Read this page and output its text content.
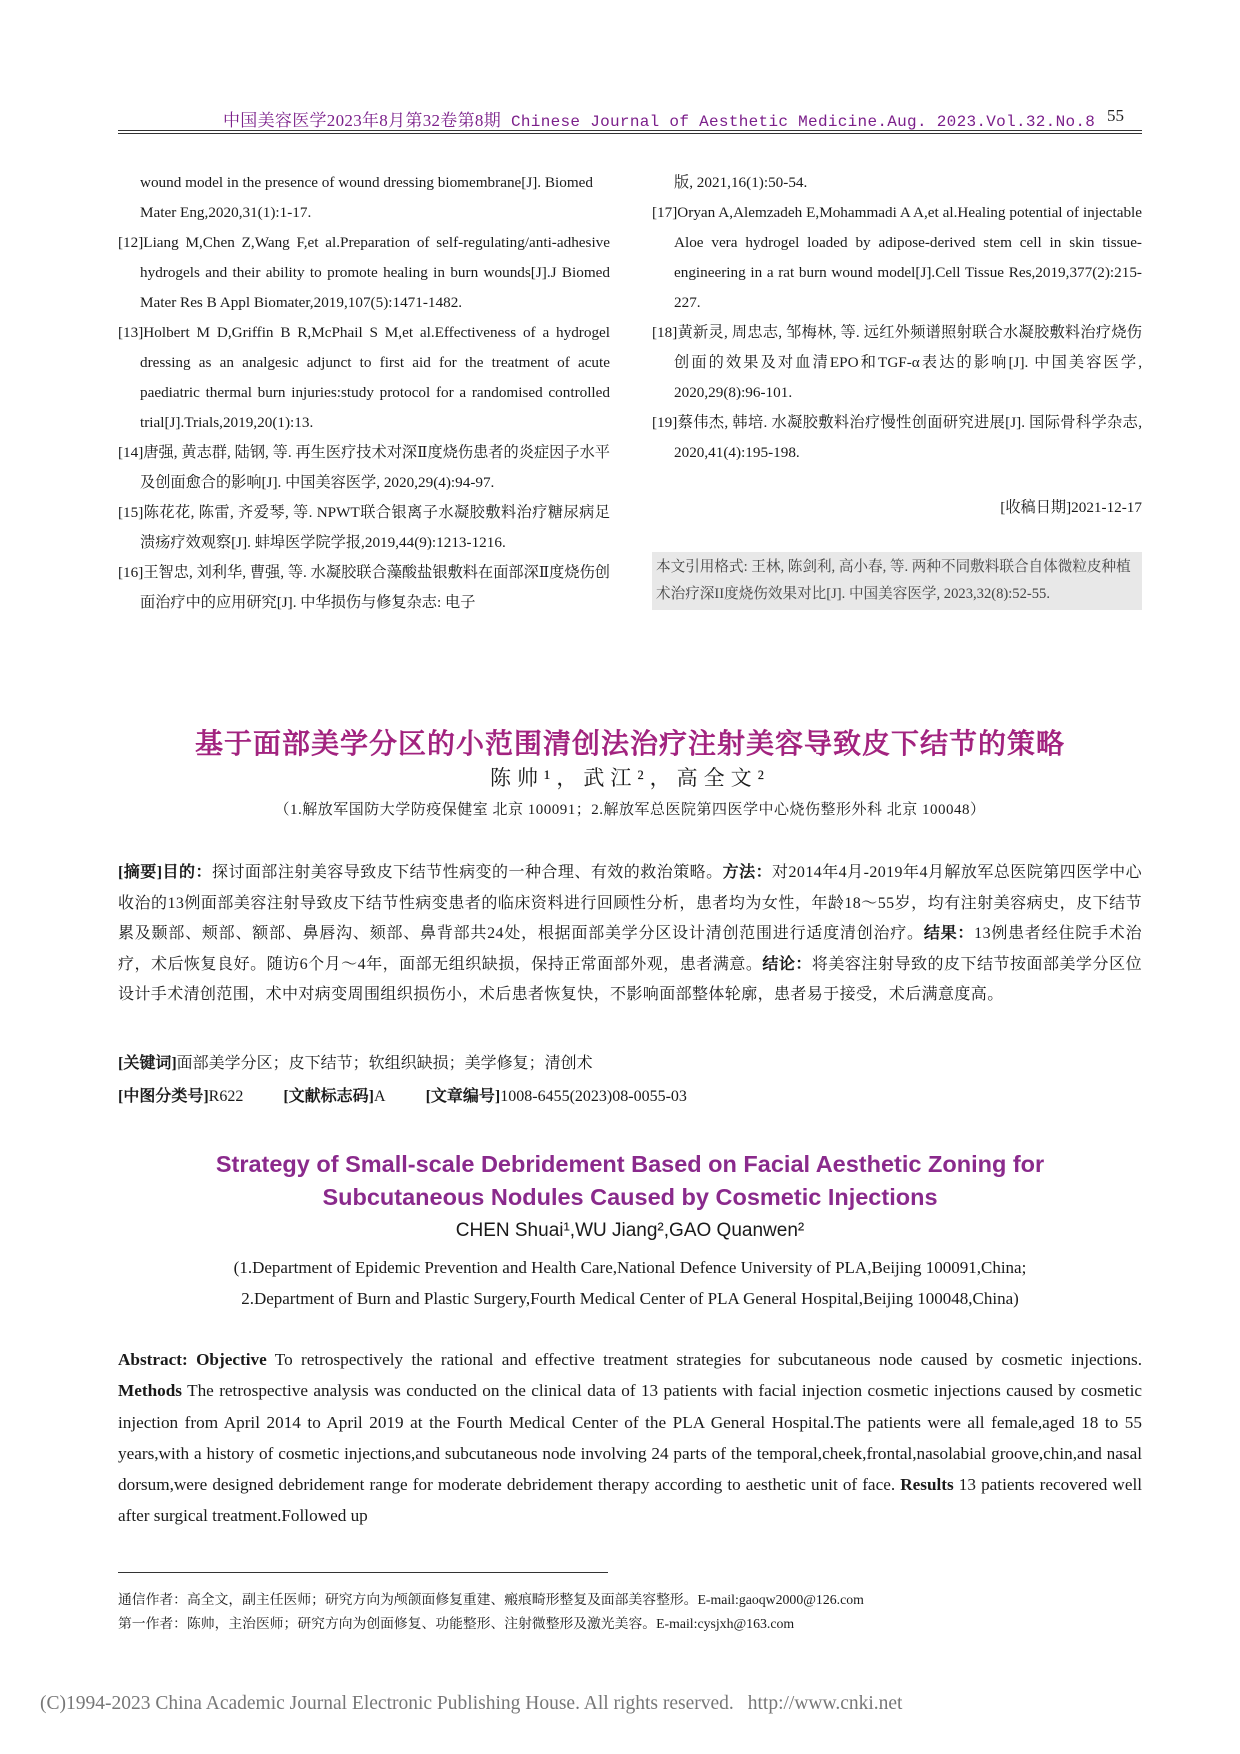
中国美容医学2023年8月第32卷第8期 Chinese Journal of Aesthetic Medicine.Aug. 2023.Vol.32.No.8 55
wound model in the presence of wound dressing biomembrane[J]. Biomed Mater Eng,2020,31(1):1-17.
[12]Liang M,Chen Z,Wang F,et al.Preparation of self-regulating/anti-adhesive hydrogels and their ability to promote healing in burn wounds[J].J Biomed Mater Res B Appl Biomater,2019,107(5):1471-1482.
[13]Holbert M D,Griffin B R,McPhail S M,et al.Effectiveness of a hydrogel dressing as an analgesic adjunct to first aid for the treatment of acute paediatric thermal burn injuries:study protocol for a randomised controlled trial[J].Trials,2019,20(1):13.
[14]唐强, 黄志群, 陆钢, 等. 再生医疗技术对深Ⅱ度烧伤患者的炎症因子水平及创面愈合的影响[J]. 中国美容医学, 2020,29(4):94-97.
[15]陈花花, 陈雷, 齐爱琴, 等. NPWT联合银离子水凝胶敷料治疗糖尿病足溃疡疗效观察[J]. 蚌埠医学院学报,2019,44(9):1213-1216.
[16]王智忠, 刘利华, 曹强, 等. 水凝胶联合藻酸盐银敷料在面部深Ⅱ度烧伤创面治疗中的应用研究[J]. 中华损伤与修复杂志: 电子
版, 2021,16(1):50-54.
[17]Oryan A,Alemzadeh E,Mohammadi A A,et al.Healing potential of injectable Aloe vera hydrogel loaded by adipose-derived stem cell in skin tissue-engineering in a rat burn wound model[J].Cell Tissue Res,2019,377(2):215-227.
[18]黄新灵, 周忠志, 邹梅林, 等. 远红外频谱照射联合水凝胶敷料治疗烧伤创面的效果及对血清EPO和TGF-α表达的影响[J]. 中国美容医学, 2020,29(8):96-101.
[19]蔡伟杰, 韩培. 水凝胶敷料治疗慢性创面研究进展[J]. 国际骨科学杂志, 2020,41(4):195-198.
[收稿日期]2021-12-17
本文引用格式: 王林, 陈剑利, 高小春, 等. 两种不同敷料联合自体微粒皮种植术治疗深II度烧伤效果对比[J]. 中国美容医学, 2023,32(8):52-55.
基于面部美学分区的小范围清创法治疗注射美容导致皮下结节的策略
陈帅¹，武江²，高全文²
（1.解放军国防大学防疫保健室 北京 100091；2.解放军总医院第四医学中心烧伤整形外科 北京 100048）
[摘要]目的：探讨面部注射美容导致皮下结节性病变的一种合理、有效的救治策略。方法：对2014年4月-2019年4月解放军总医院第四医学中心收治的13例面部美容注射导致皮下结节性病变患者的临床资料进行回顾性分析，患者均为女性，年龄18～55岁，均有注射美容病史，皮下结节累及颞部、颊部、额部、鼻唇沟、颏部、鼻背部共24处，根据面部美学分区设计清创范围进行适度清创治疗。结果：13例患者经住院手术治疗，术后恢复良好。随访6个月～4年，面部无组织缺损，保持正常面部外观，患者满意。结论：将美容注射导致的皮下结节按面部美学分区位设计手术清创范围，术中对病变周围组织损伤小，术后患者恢复快，不影响面部整体轮廓，患者易于接受，术后满意度高。
[关键词]面部美学分区；皮下结节；软组织缺损；美学修复；清创术
[中图分类号]R622	[文献标志码]A	[文章编号]1008-6455(2023)08-0055-03
Strategy of Small-scale Debridement Based on Facial Aesthetic Zoning for
Subcutaneous Nodules Caused by Cosmetic Injections
CHEN Shuai¹,WU Jiang²,GAO Quanwen²
(1.Department of Epidemic Prevention and Health Care,National Defence University of PLA,Beijing 100091,China;
2.Department of Burn and Plastic Surgery,Fourth Medical Center of PLA General Hospital,Beijing 100048,China)
Abstract: Objective To retrospectively the rational and effective treatment strategies for subcutaneous node caused by cosmetic injections. Methods The retrospective analysis was conducted on the clinical data of 13 patients with facial injection cosmetic injections caused by cosmetic injection from April 2014 to April 2019 at the Fourth Medical Center of the PLA General Hospital.The patients were all female,aged 18 to 55 years,with a history of cosmetic injections,and subcutaneous node involving 24 parts of the temporal,cheek,frontal,nasolabial groove,chin,and nasal dorsum,were designed debridement range for moderate debridement therapy according to aesthetic unit of face. Results 13 patients recovered well after surgical treatment.Followed up
通信作者：高全文，副主任医师；研究方向为颅颌面修复重建、瘢痕畸形整复及面部美容整形。E-mail:gaoqw2000@126.com
第一作者：陈帅，主治医师；研究方向为创面修复、功能整形、注射微整形及激光美容。E-mail:cysjxh@163.com
(C)1994-2023 China Academic Journal Electronic Publishing House. All rights reserved. http://www.cnki.net
